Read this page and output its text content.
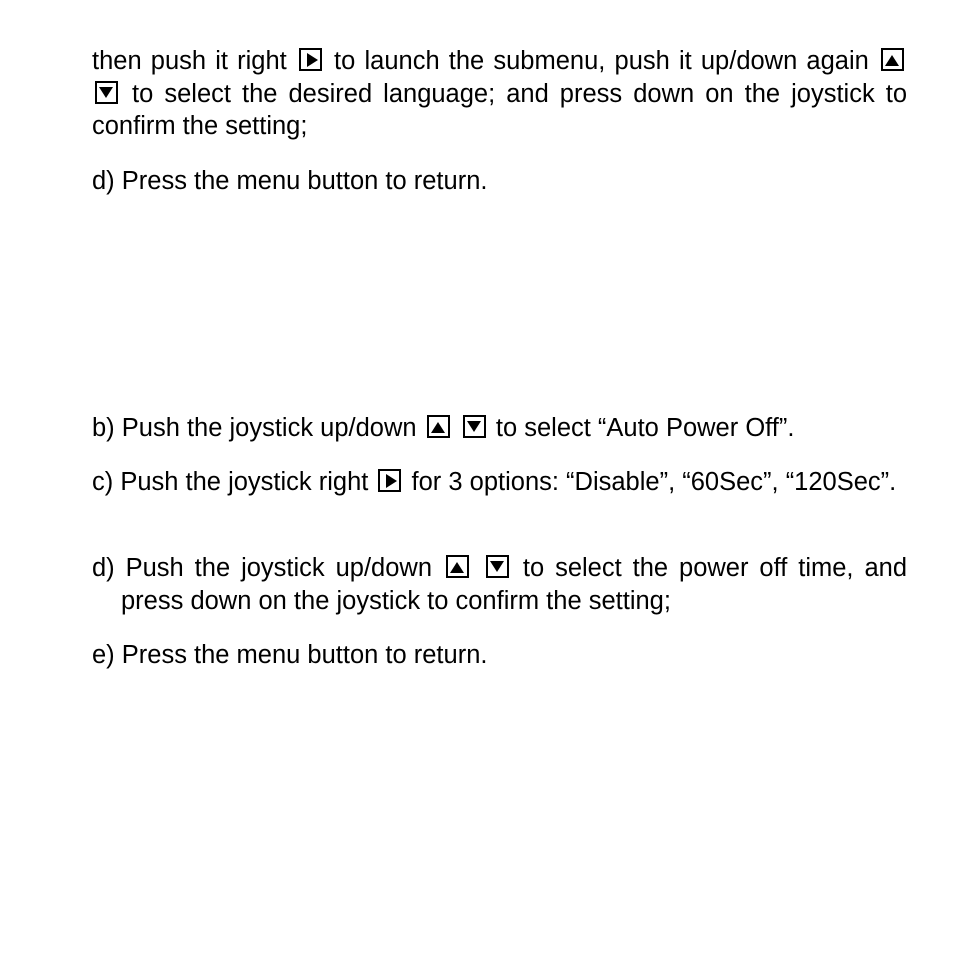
then push it right  to launch the submenu, push it up/down again   to select the desired language; and press down on the joystick to confirm the setting;

d) Press the menu button to return.

b) Push the joystick up/down	to select “Auto Power Off”.

c) Push the joystick right  for 3 options: “Disable”, “60Sec”, “120Sec”.

d) Push the joystick up/down	to select the power off time, and press down on the joystick to confirm the setting;

e) Press the menu button to return.
